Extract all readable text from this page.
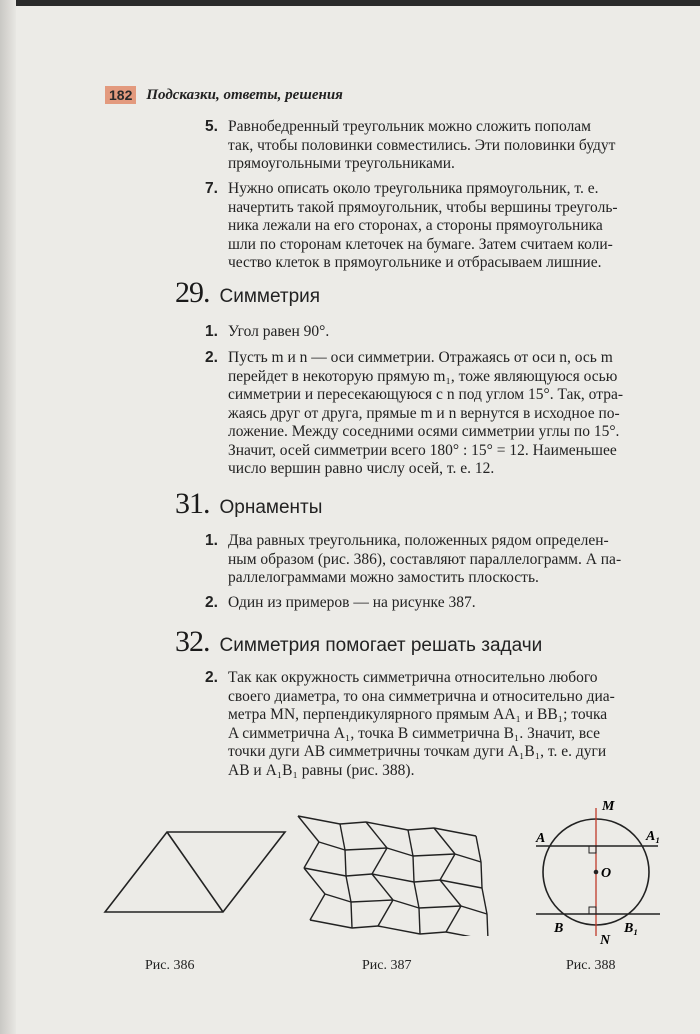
182 Подсказки, ответы, решения
5. Равнобедренный треугольник можно сложить пополам
так, чтобы половинки совместились. Эти половинки будут
прямоугольными треугольниками.
7. Нужно описать около треугольника прямоугольник, т. е.
начертить такой прямоугольник, чтобы вершины треуголь-
ника лежали на его сторонах, а стороны прямоугольника
шли по сторонам клеточек на бумаге. Затем считаем коли-
чество клеток в прямоугольнике и отбрасываем лишние.
29. Симметрия
1. Угол равен 90°.
2. Пусть m и n — оси симметрии. Отражаясь от оси n, ось m
перейдет в некоторую прямую m₁, тоже являющуюся осью
симметрии и пересекающуюся с n под углом 15°. Так, отра-
жаясь друг от друга, прямые m и n вернутся в исходное по-
ложение. Между соседними осями симметрии углы по 15°.
Значит, осей симметрии всего 180° : 15° = 12. Наименьшее
число вершин равно числу осей, т. е. 12.
31. Орнаменты
1. Два равных треугольника, положенных рядом определен-
ным образом (рис. 386), составляют параллелограмм. А па-
раллелограммами можно замостить плоскость.
2. Один из примеров — на рисунке 387.
32. Симметрия помогает решать задачи
2. Так как окружность симметрична относительно любого
своего диаметра, то она симметрична и относительно диа-
метра MN, перпендикулярного прямым AA₁ и BB₁; точка
A симметрична A₁, точка B симметрична B₁. Значит, все
точки дуги AB симметричны точкам дуги A₁B₁, т. е. дуги
AB и A₁B₁ равны (рис. 388).
Рис. 386	Рис. 387
M
A	A₁
O
B
N
B₁
Рис. 388
